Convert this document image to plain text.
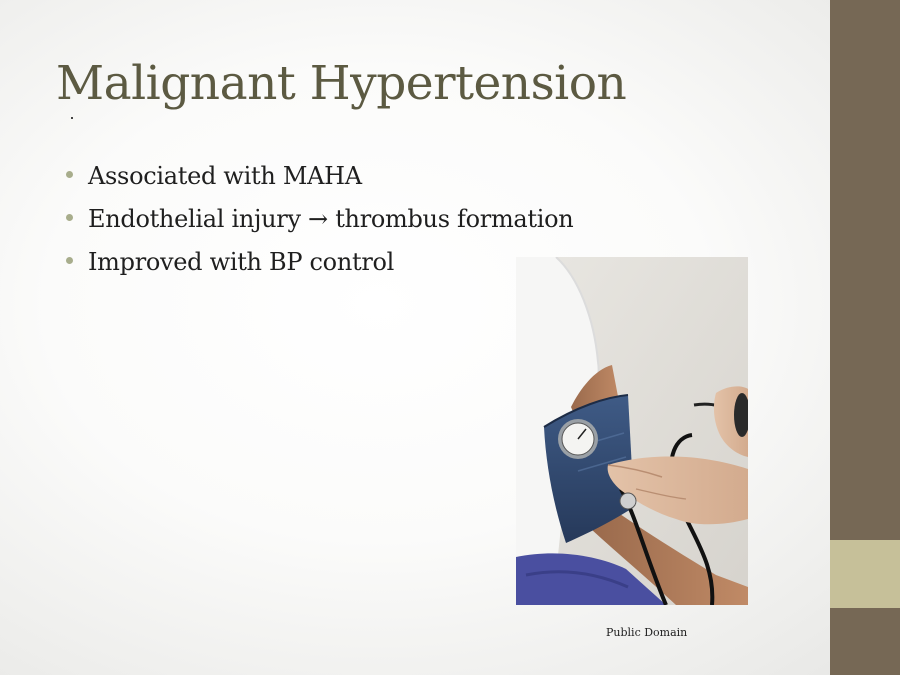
Malignant Hypertension
Associated with MAHA
Endothelial injury → thrombus formation
Improved with BP control
Public Domain
